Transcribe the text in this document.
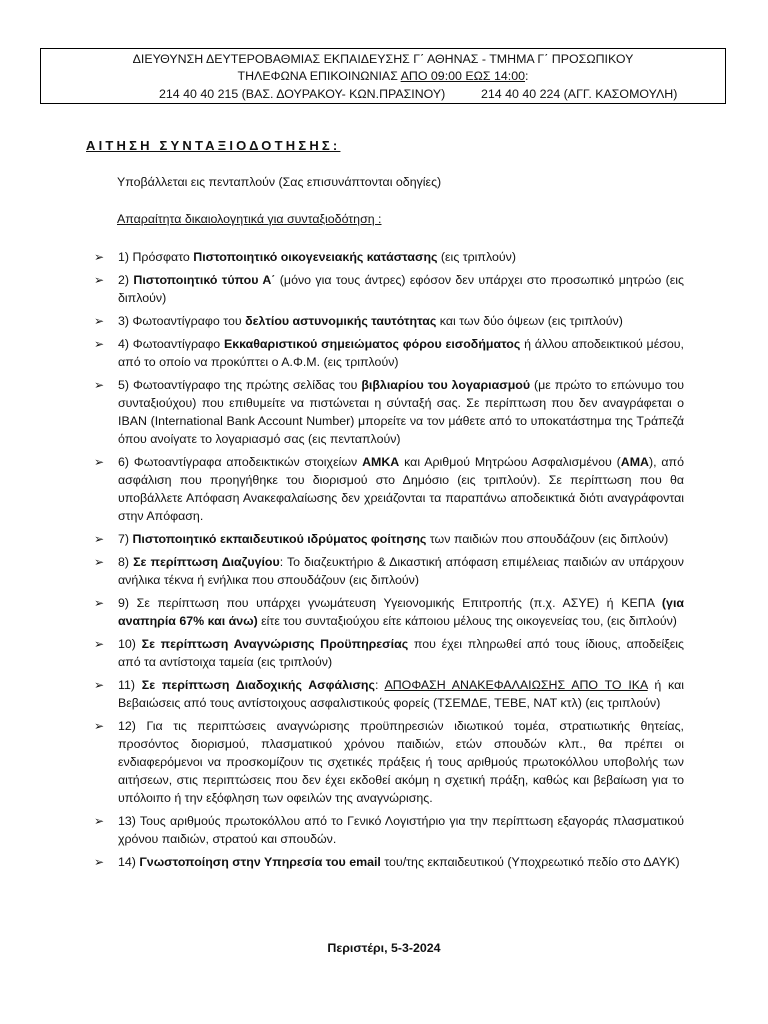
ΔΙΕΥΘΥΝΣΗ ΔΕΥΤΕΡΟΒΑΘΜΙΑΣ ΕΚΠΑΙΔΕΥΣΗΣ Γ΄ ΑΘΗΝΑΣ - ΤΜΗΜΑ Γ΄ ΠΡΟΣΩΠΙΚΟΥ
ΤΗΛΕΦΩΝΑ ΕΠΙΚΟΙΝΩΝΙΑΣ ΑΠΟ 09:00 ΕΩΣ 14:00:
214 40 40 215 (ΒΑΣ. ΔΟΥΡΑΚΟΥ- ΚΩΝ.ΠΡΑΣΙΝΟΥ)	214 40 40 224 (ΑΓΓ. ΚΑΣΟΜΟΥΛΗ)
ΑΙΤΗΣΗ ΣΥΝΤΑΞΙΟΔΟΤΗΣΗΣ:
Υποβάλλεται εις πενταπλούν (Σας επισυνάπτονται οδηγίες)
Απαραίτητα δικαιολογητικά για συνταξιοδότηση :
➢ 1) Πρόσφατο Πιστοποιητικό οικογενειακής κατάστασης (εις τριπλούν)
➢ 2) Πιστοποιητικό τύπου Α΄ (μόνο για τους άντρες) εφόσον δεν υπάρχει στο προσωπικό μητρώο (εις διπλούν)
➢ 3) Φωτοαντίγραφο του δελτίου αστυνομικής ταυτότητας και των δύο όψεων (εις τριπλούν)
➢ 4) Φωτοαντίγραφο Εκκαθαριστικού σημειώματος φόρου εισοδήματος ή άλλου αποδεικτικού μέσου, από το οποίο να προκύπτει ο Α.Φ.Μ. (εις τριπλούν)
➢ 5) Φωτοαντίγραφο της πρώτης σελίδας του βιβλιαρίου του λογαριασμού (με πρώτο το επώνυμο του συνταξιούχου) που επιθυμείτε να πιστώνεται η σύνταξή σας. Σε περίπτωση που δεν αναγράφεται ο IBAN (International Bank Account Number) μπορείτε να τον μάθετε από το υποκατάστημα της Τράπεζά όπου ανοίγατε το λογαριασμό σας (εις πενταπλούν)
➢ 6) Φωτοαντίγραφα αποδεικτικών στοιχείων ΑΜΚΑ και Αριθμού Μητρώου Ασφαλισμένου (ΑΜΑ), από ασφάλιση που προηγήθηκε του διορισμού στο Δημόσιο (εις τριπλούν). Σε περίπτωση που θα υποβάλλετε Απόφαση Ανακεφαλαίωσης δεν χρειάζονται τα παραπάνω αποδεικτικά διότι αναγράφονται στην Απόφαση.
➢ 7) Πιστοποιητικό εκπαιδευτικού ιδρύματος φοίτησης των παιδιών που σπουδάζουν (εις διπλούν)
➢ 8) Σε περίπτωση Διαζυγίου: Το διαζευκτήριο & Δικαστική απόφαση επιμέλειας παιδιών αν υπάρχουν ανήλικα τέκνα ή ενήλικα που σπουδάζουν (εις διπλούν)
➢ 9) Σε περίπτωση που υπάρχει γνωμάτευση Υγειονομικής Επιτροπής (π.χ. ΑΣΥΕ) ή ΚΕΠΑ (για αναπηρία 67% και άνω) είτε του συνταξιούχου είτε κάποιου μέλους της οικογενείας του, (εις διπλούν)
➢ 10) Σε περίπτωση Αναγνώρισης Προϋπηρεσίας που έχει πληρωθεί από τους ίδιους, αποδείξεις από τα αντίστοιχα ταμεία (εις τριπλούν)
➢ 11) Σε περίπτωση Διαδοχικής Ασφάλισης: ΑΠΟΦΑΣΗ ΑΝΑΚΕΦΑΛΑΙΩΣΗΣ ΑΠΟ ΤΟ ΙΚΑ ή και Βεβαιώσεις από τους αντίστοιχους ασφαλιστικούς φορείς (ΤΣΕΜΔΕ, ΤΕΒΕ, ΝΑΤ κτλ) (εις τριπλούν)
➢ 12) Για τις περιπτώσεις αναγνώρισης προϋπηρεσιών ιδιωτικού τομέα, στρατιωτικής θητείας, προσόντος διορισμού, πλασματικού χρόνου παιδιών, ετών σπουδών κλπ., θα πρέπει οι ενδιαφερόμενοι να προσκομίζουν τις σχετικές πράξεις ή τους αριθμούς πρωτοκόλλου υποβολής των αιτήσεων, στις περιπτώσεις που δεν έχει εκδοθεί ακόμη η σχετική πράξη, καθώς και βεβαίωση για το υπόλοιπο ή την εξόφληση των οφειλών της αναγνώρισης.
➢ 13) Τους αριθμούς πρωτοκόλλου από το Γενικό Λογιστήριο για την περίπτωση εξαγοράς πλασματικού χρόνου παιδιών, στρατού και σπουδών.
➢ 14) Γνωστοποίηση στην Υπηρεσία του email του/της εκπαιδευτικού (Υποχρεωτικό πεδίο στο ΔΑΥΚ)
Περιστέρι, 5-3-2024
